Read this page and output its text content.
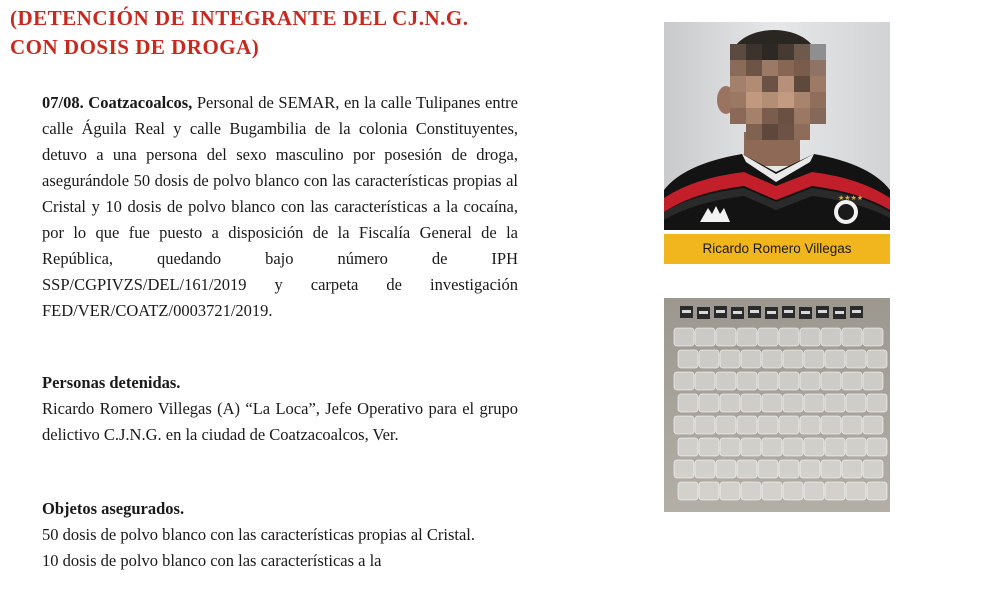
(DETENCIÓN DE INTEGRANTE DEL CJ.N.G.
CON DOSIS DE DROGA)

07/08. Coatzacoalcos, Personal de SEMAR, en la calle Tulipanes entre calle Águila Real y calle Bugambilia de la colonia Constituyentes, detuvo a una persona del sexo masculino por posesión de droga, asegurándole 50 dosis de polvo blanco con las características propias al Cristal y 10 dosis de polvo blanco con las características a la cocaína, por lo que fue puesto a disposición de la Fiscalía General de la República, quedando bajo número de IPH SSP/CGPIVZS/DEL/161/2019 y carpeta de investigación FED/VER/COATZ/0003721/2019.

Personas detenidas.

Ricardo Romero Villegas (A) “La Loca”, Jefe Operativo para el grupo delictivo C.J.N.G. en la ciudad de Coatzacoalcos, Ver.

Objetos asegurados.

50 dosis de polvo blanco con las características propias al Cristal.

10 dosis de polvo blanco con las características a la

★★★★
Ricardo Romero Villegas
